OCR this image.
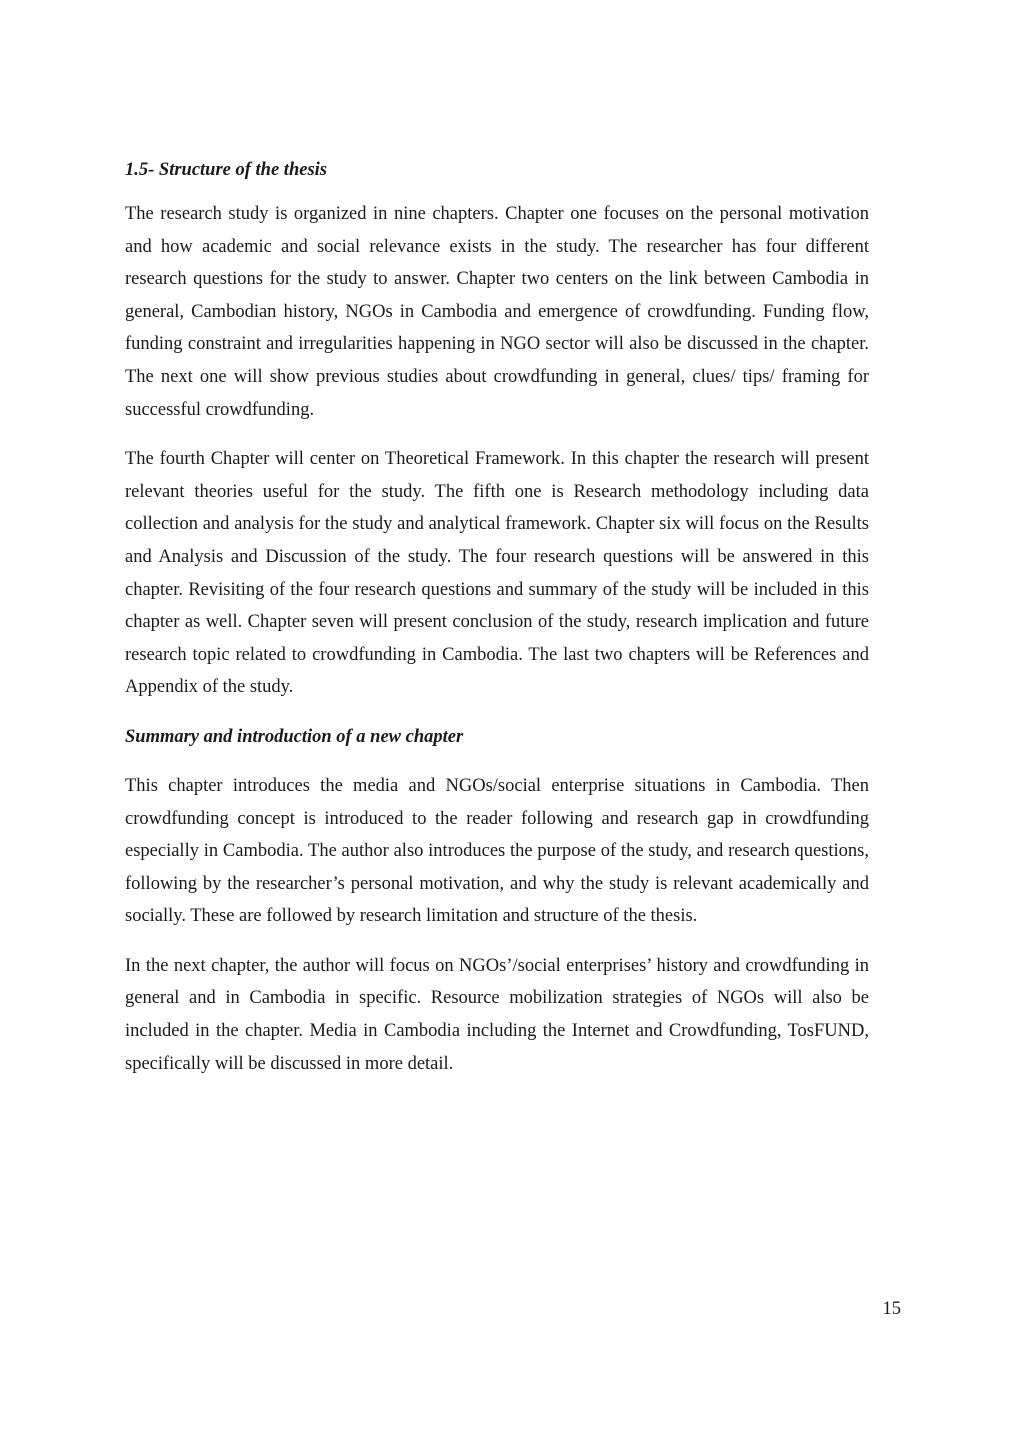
1.5- Structure of the thesis

The research study is organized in nine chapters. Chapter one focuses on the personal motivation and how academic and social relevance exists in the study. The researcher has four different research questions for the study to answer. Chapter two centers on the link between Cambodia in general, Cambodian history, NGOs in Cambodia and emergence of crowdfunding. Funding flow, funding constraint and irregularities happening in NGO sector will also be discussed in the chapter. The next one will show previous studies about crowdfunding in general, clues/ tips/ framing for successful crowdfunding.

The fourth Chapter will center on Theoretical Framework. In this chapter the research will present relevant theories useful for the study. The fifth one is Research methodology including data collection and analysis for the study and analytical framework. Chapter six will focus on the Results and Analysis and Discussion of the study. The four research questions will be answered in this chapter. Revisiting of the four research questions and summary of the study will be included in this chapter as well. Chapter seven will present conclusion of the study, research implication and future research topic related to crowdfunding in Cambodia. The last two chapters will be References and Appendix of the study.

Summary and introduction of a new chapter

This chapter introduces the media and NGOs/social enterprise situations in Cambodia. Then crowdfunding concept is introduced to the reader following and research gap in crowdfunding especially in Cambodia. The author also introduces the purpose of the study, and research questions, following by the researcher’s personal motivation, and why the study is relevant academically and socially. These are followed by research limitation and structure of the thesis.

In the next chapter, the author will focus on NGOs’/social enterprises’ history and crowdfunding in general and in Cambodia in specific. Resource mobilization strategies of NGOs will also be included in the chapter. Media in Cambodia including the Internet and Crowdfunding, TosFUND, specifically will be discussed in more detail.

15
